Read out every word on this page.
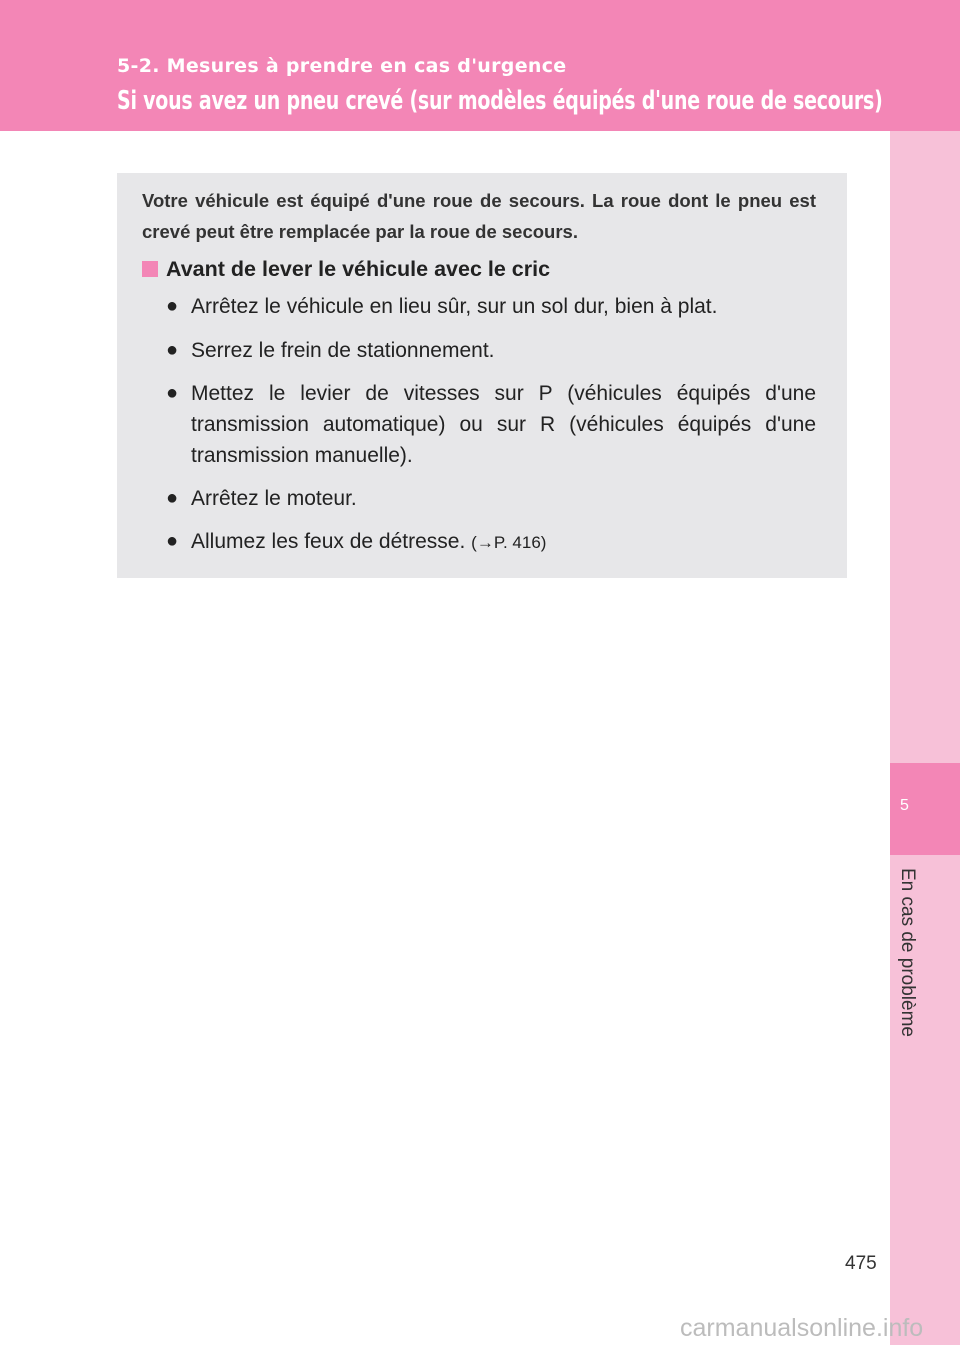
5-2. Mesures à prendre en cas d'urgence
Si vous avez un pneu crevé (sur modèles équipés d'une roue de secours)
5
En cas de problème
Votre véhicule est équipé d'une roue de secours. La roue dont le pneu est crevé peut être remplacée par la roue de secours.
Avant de lever le véhicule avec le cric
● Arrêtez le véhicule en lieu sûr, sur un sol dur, bien à plat.
● Serrez le frein de stationnement.
● Mettez le levier de vitesses sur P (véhicules équipés d'une transmission automatique) ou sur R (véhicules équipés d'une transmission manuelle).
● Arrêtez le moteur.
● Allumez les feux de détresse. (→P. 416)
475
carmanualsonline.info
